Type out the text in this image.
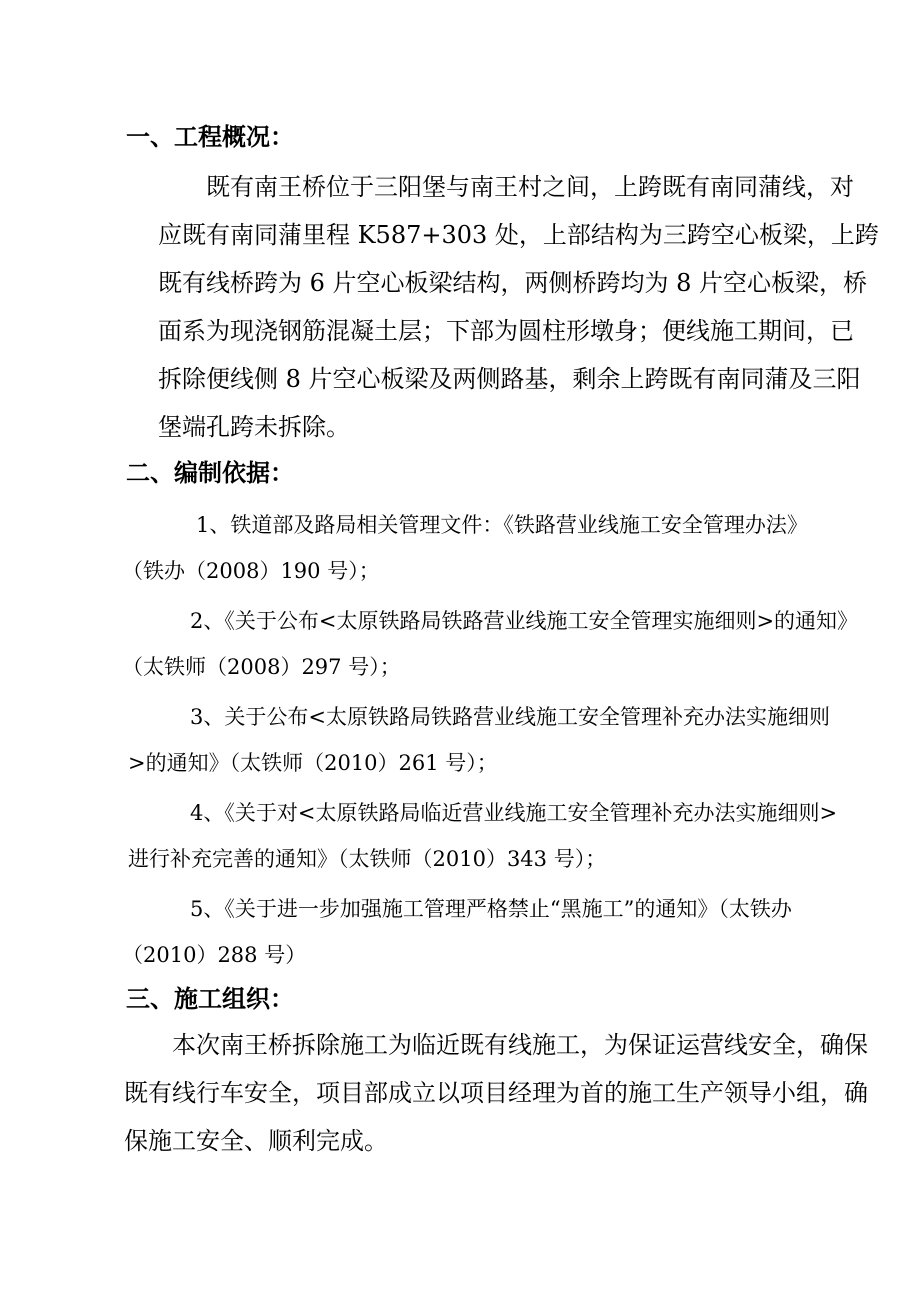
一、工程概况：
既有南王桥位于三阳堡与南王村之间，上跨既有南同蒲线，对
应既有南同蒲里程 K587+303 处，上部结构为三跨空心板梁，上跨
既有线桥跨为 6 片空心板梁结构，两侧桥跨均为 8 片空心板梁，桥
面系为现浇钢筋混凝土层；下部为圆柱形墩身；便线施工期间，已
拆除便线侧 8 片空心板梁及两侧路基，剩余上跨既有南同蒲及三阳
堡端孔跨未拆除。
二、编制依据：
1、铁道部及路局相关管理文件：《铁路营业线施工安全管理办法》
（铁办（2008）190 号）；
2、《关于公布<太原铁路局铁路营业线施工安全管理实施细则>的通知》
（太铁师（2008）297 号）；
3、关于公布<太原铁路局铁路营业线施工安全管理补充办法实施细则
>的通知》（太铁师（2010）261 号）；
4、《关于对<太原铁路局临近营业线施工安全管理补充办法实施细则>
进行补充完善的通知》（太铁师（2010）343 号）；
5、《关于进一步加强施工管理严格禁止“黑施工”的通知》（太铁办
（2010）288 号）
三、施工组织：
本次南王桥拆除施工为临近既有线施工，为保证运营线安全，确保
既有线行车安全，项目部成立以项目经理为首的施工生产领导小组，确
保施工安全、顺利完成。
